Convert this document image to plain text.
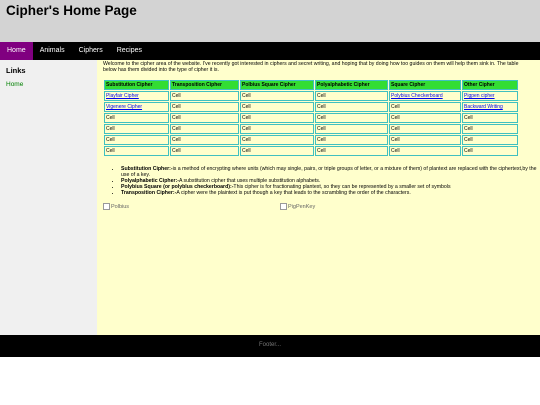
Cipher's Home Page
Home	Animals	Ciphers	Recipes
Links
Home

Welcome to the cipher area of the website. I've recently got interested in ciphers and secret writing, and hoping that by doing how too guides on them will help them sink in. The table below has them divided into the type of cipher it is.

Substitution Cipher	Transposition Cipher	Polbius Square Cipher	Polyalphabetic Cipher	Square Cipher	Other Cipher
Playfair Cipher	Cell	Cell	Cell	Polybius Checkerboard	Pigpen cipher
Vigenere Cipher	Cell	Cell	Cell	Cell	Backward Writing
Cell	Cell	Cell	Cell	Cell	Cell
Cell	Cell	Cell	Cell	Cell	Cell
Cell	Cell	Cell	Cell	Cell	Cell
Cell	Cell	Cell	Cell	Cell	Cell
• Substitution Cipher:-is a method of encrypting where units (which may single, pairs, or triple groups of letter, or a mixture of them) of plantext are replaced with the ciphertext,by the use of a key.
• Polyalphabetic Cipher:-A substitution cipher that uses multiple substitution alphabets.
• Polybius Square (or polyblus checkerboard):-This cipher is for fractionating plantext, so they can be represented by a smaller set of symbols
• Transposition Cipher:-A cipher were the plaintext is put though a key that leads to the scrambling the order of the characters.
Polbius	PigPenKey
Footer...
